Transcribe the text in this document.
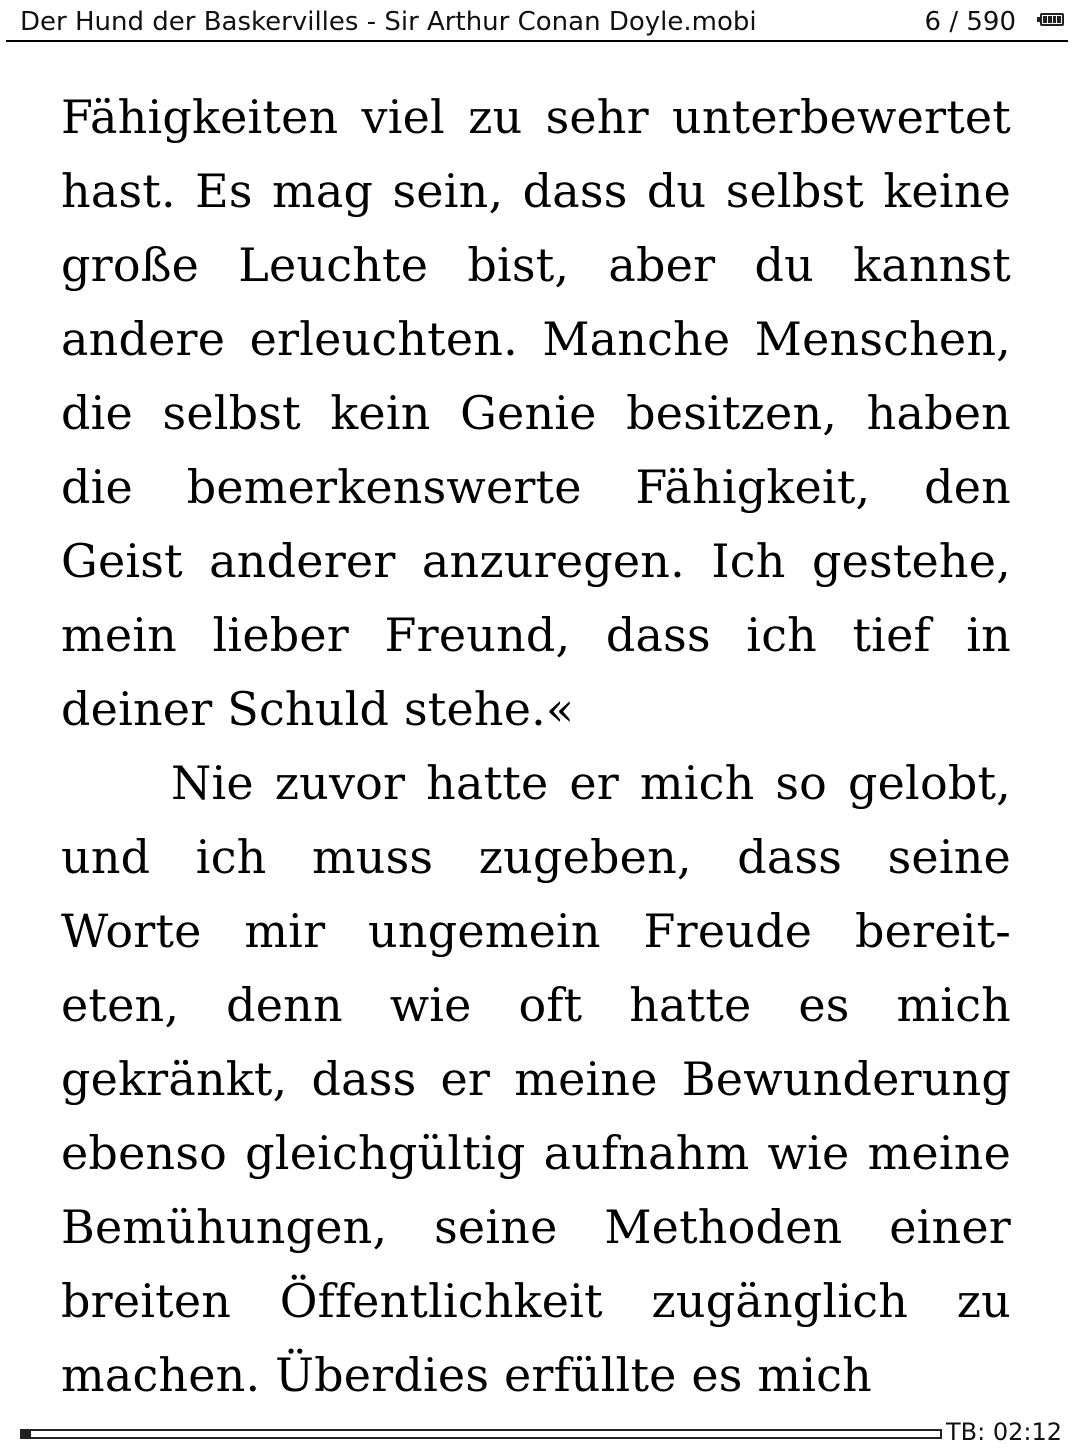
Der Hund der Baskervilles - Sir Arthur Conan Doyle.mobi	6 / 590

Fähigkeiten viel zu sehr unterbewertet hast. Es mag sein, dass du selbst keine große Leuchte bist, aber du kannst andere erleuchten. Manche Menschen, die selbst kein Genie besitzen, haben die bemerkenswerte Fähigkeit, den Geist anderer anzuregen. Ich gestehe, mein lieber Freund, dass ich tief in deiner Schuld stehe.«

Nie zuvor hatte er mich so gelobt, und ich muss zugeben, dass seine Worte mir ungemein Freude bereit-eten, denn wie oft hatte es mich gekränkt, dass er meine Bewunderung ebenso gleichgültig aufnahm wie meine Bemühungen, seine Methoden einer breiten Öffentlichkeit zugänglich zu machen. Überdies erfüllte es mich

TB: 02:12
